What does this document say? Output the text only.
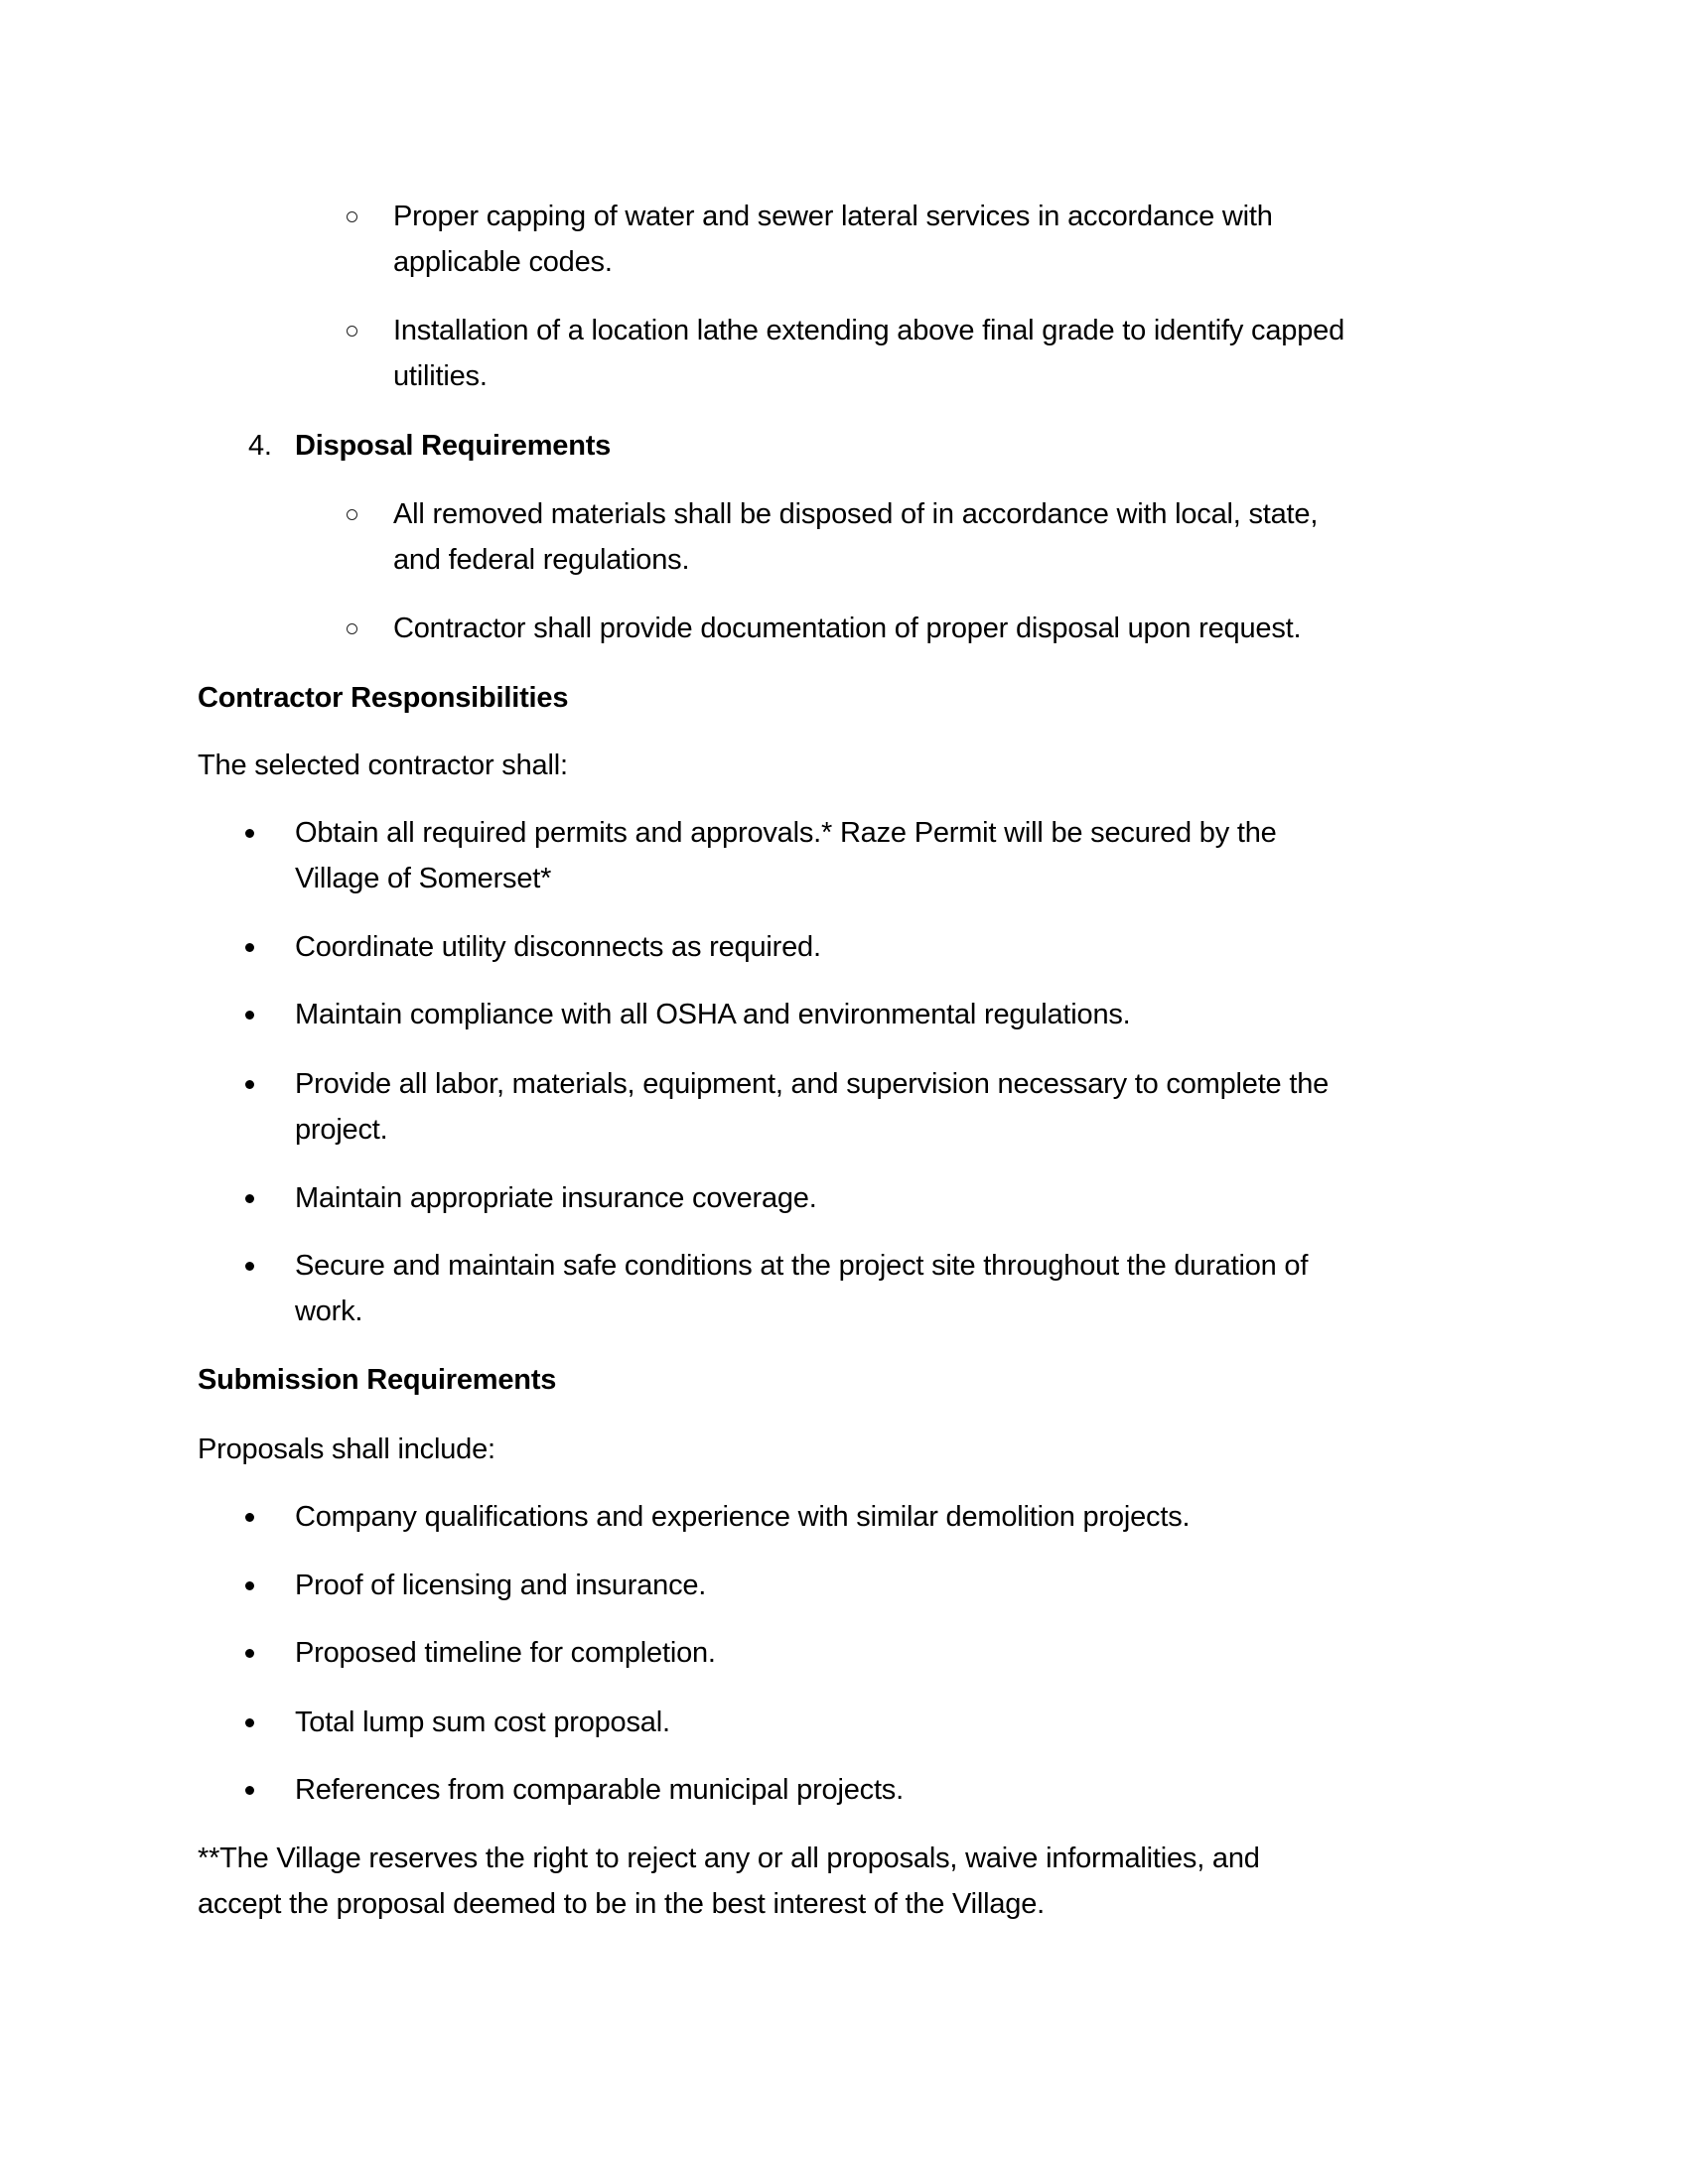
Proper capping of water and sewer lateral services in accordance with
applicable codes.
Installation of a location lathe extending above final grade to identify capped
utilities.
4. Disposal Requirements
All removed materials shall be disposed of in accordance with local, state,
and federal regulations.
Contractor shall provide documentation of proper disposal upon request.
Contractor Responsibilities
The selected contractor shall:
Obtain all required permits and approvals.* Raze Permit will be secured by the
Village of Somerset*
Coordinate utility disconnects as required.
Maintain compliance with all OSHA and environmental regulations.
Provide all labor, materials, equipment, and supervision necessary to complete the
project.
Maintain appropriate insurance coverage.
Secure and maintain safe conditions at the project site throughout the duration of
work.
Submission Requirements
Proposals shall include:
Company qualifications and experience with similar demolition projects.
Proof of licensing and insurance.
Proposed timeline for completion.
Total lump sum cost proposal.
References from comparable municipal projects.
**The Village reserves the right to reject any or all proposals, waive informalities, and
accept the proposal deemed to be in the best interest of the Village.
